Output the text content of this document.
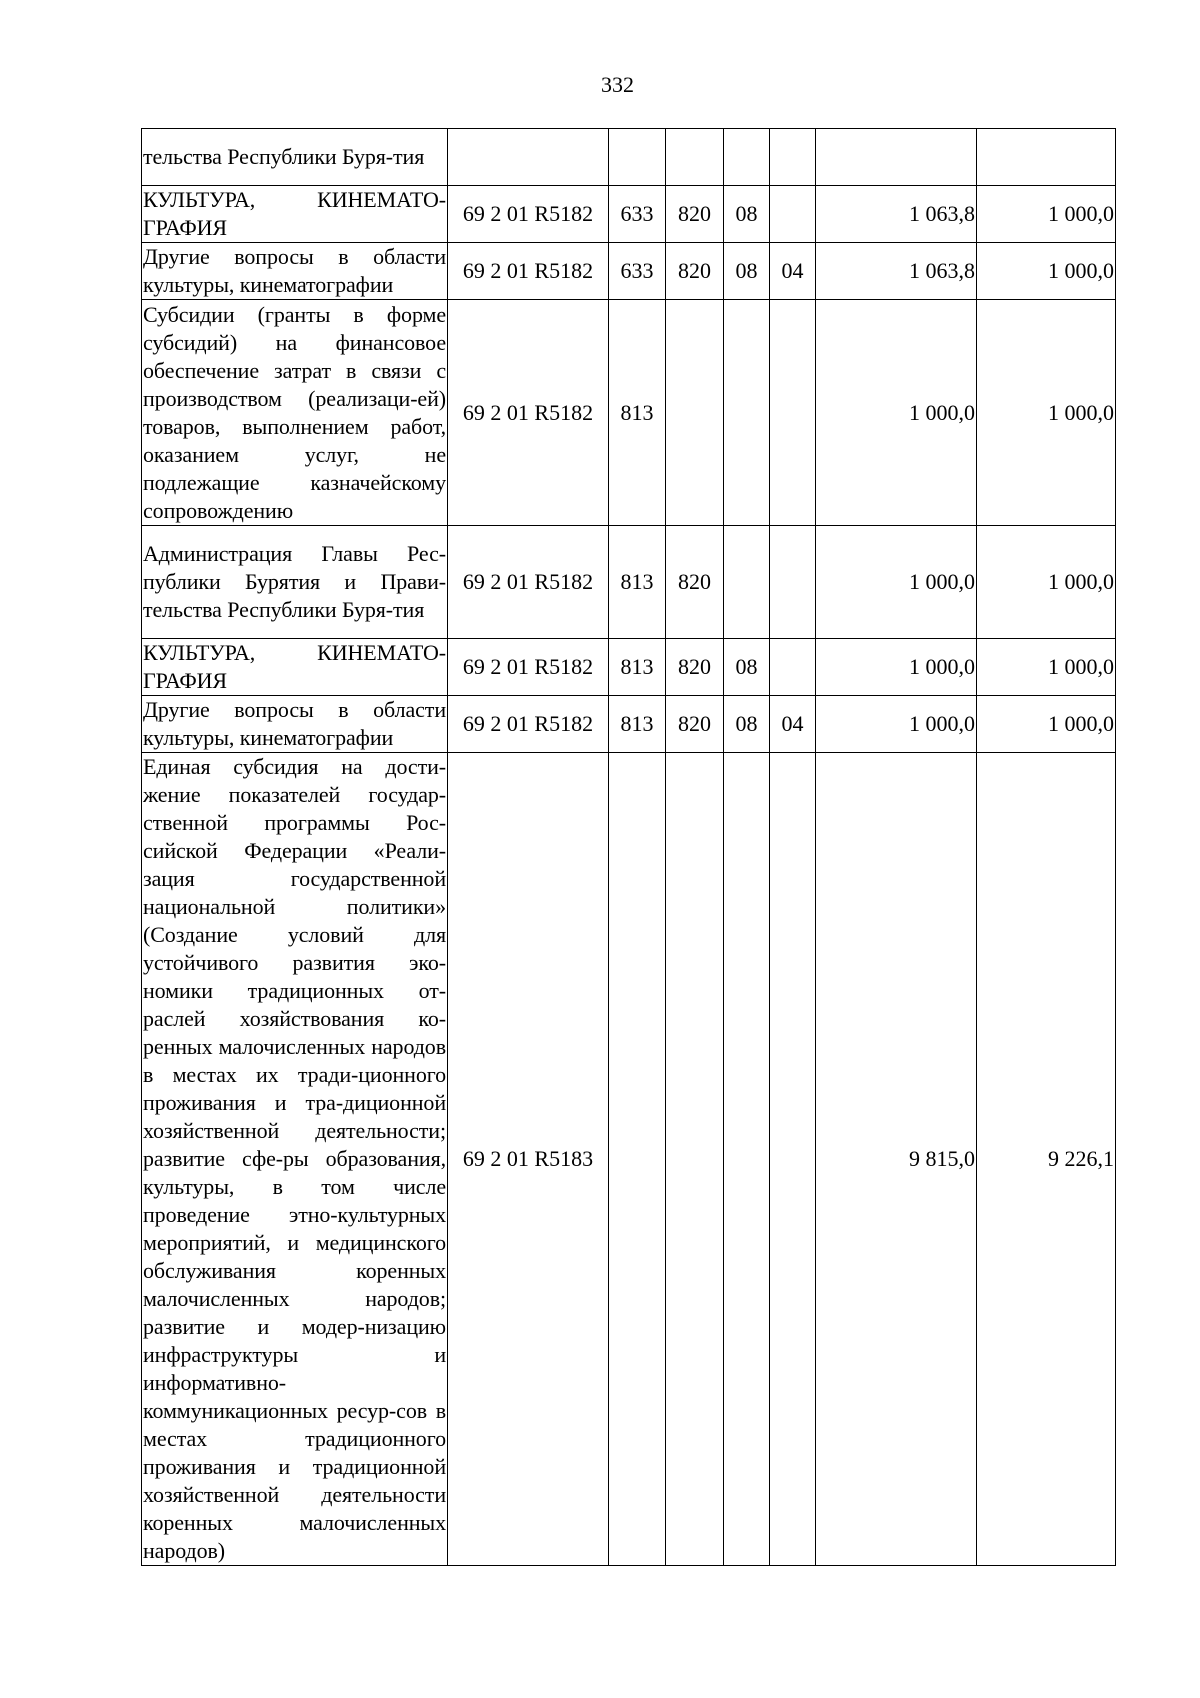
332
тельства Республики Буря-тия							
КУЛЬТУРА, КИНЕМАТО-ГРАФИЯ	69 2 01 R5182	633	820	08		1 063,8	1 000,0
Другие вопросы в области культуры, кинематографии	69 2 01 R5182	633	820	08	04	1 063,8	1 000,0
Субсидии (гранты в форме субсидий) на финансовое обеспечение затрат в связи с производством (реализаци-ей) товаров, выполнением работ, оказанием услуг, не подлежащие казначейскому сопровождению	69 2 01 R5182	813				1 000,0	1 000,0
Администрация Главы Рес-публики Бурятия и Прави-тельства Республики Буря-тия	69 2 01 R5182	813	820			1 000,0	1 000,0
КУЛЬТУРА, КИНЕМАТО-ГРАФИЯ	69 2 01 R5182	813	820	08		1 000,0	1 000,0
Другие вопросы в области культуры, кинематографии	69 2 01 R5182	813	820	08	04	1 000,0	1 000,0
Единая субсидия на дости-жение показателей государ-ственной программы Рос-сийской Федерации «Реали-зация государственной национальной политики» (Создание условий для устойчивого развития эко-номики традиционных от-раслей хозяйствования ко-ренных малочисленных народов в местах их тради-ционного проживания и тра-диционной хозяйственной деятельности; развитие сфе-ры образования, культуры, в том числе проведение этно-культурных мероприятий, и медицинского обслуживания коренных малочисленных народов; развитие и модер-низацию инфраструктуры и информативно-коммуникационных ресур-сов в местах традиционного проживания и традиционной хозяйственной деятельности коренных малочисленных народов)	69 2 01 R5183					9 815,0	9 226,1
